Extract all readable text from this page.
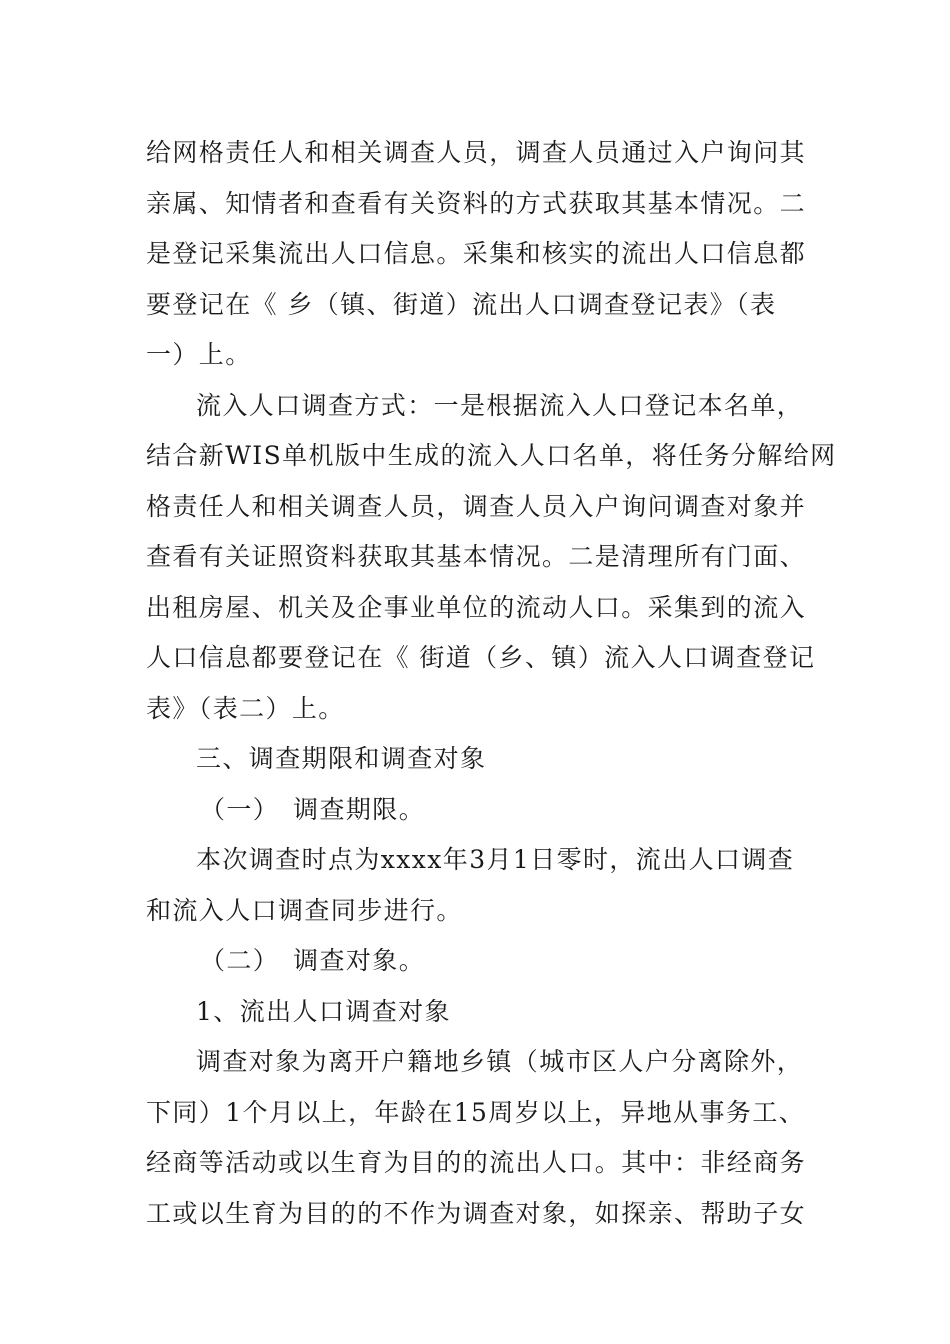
给网格责任人和相关调查人员，调查人员通过入户询问其
亲属、知情者和查看有关资料的方式获取其基本情况。二
是登记采集流出人口信息。采集和核实的流出人口信息都
要登记在《 乡（镇、街道）流出人口调查登记表》（表
一）上。
流入人口调查方式：一是根据流入人口登记本名单，
结合新WIS单机版中生成的流入人口名单，将任务分解给网
格责任人和相关调查人员，调查人员入户询问调查对象并
查看有关证照资料获取其基本情况。二是清理所有门面、
出租房屋、机关及企事业单位的流动人口。采集到的流入
人口信息都要登记在《 街道（乡、镇）流入人口调查登记
表》（表二）上。
三、调查期限和调查对象
（一）　调查期限。
本次调查时点为xxxx年3月1日零时，流出人口调查
和流入人口调查同步进行。
（二）　调查对象。
1、流出人口调查对象
调查对象为离开户籍地乡镇（城市区人户分离除外，
下同）1个月以上，年龄在15周岁以上，异地从事务工、
经商等活动或以生育为目的的流出人口。其中：非经商务
工或以生育为目的的不作为调查对象，如探亲、帮助子女
